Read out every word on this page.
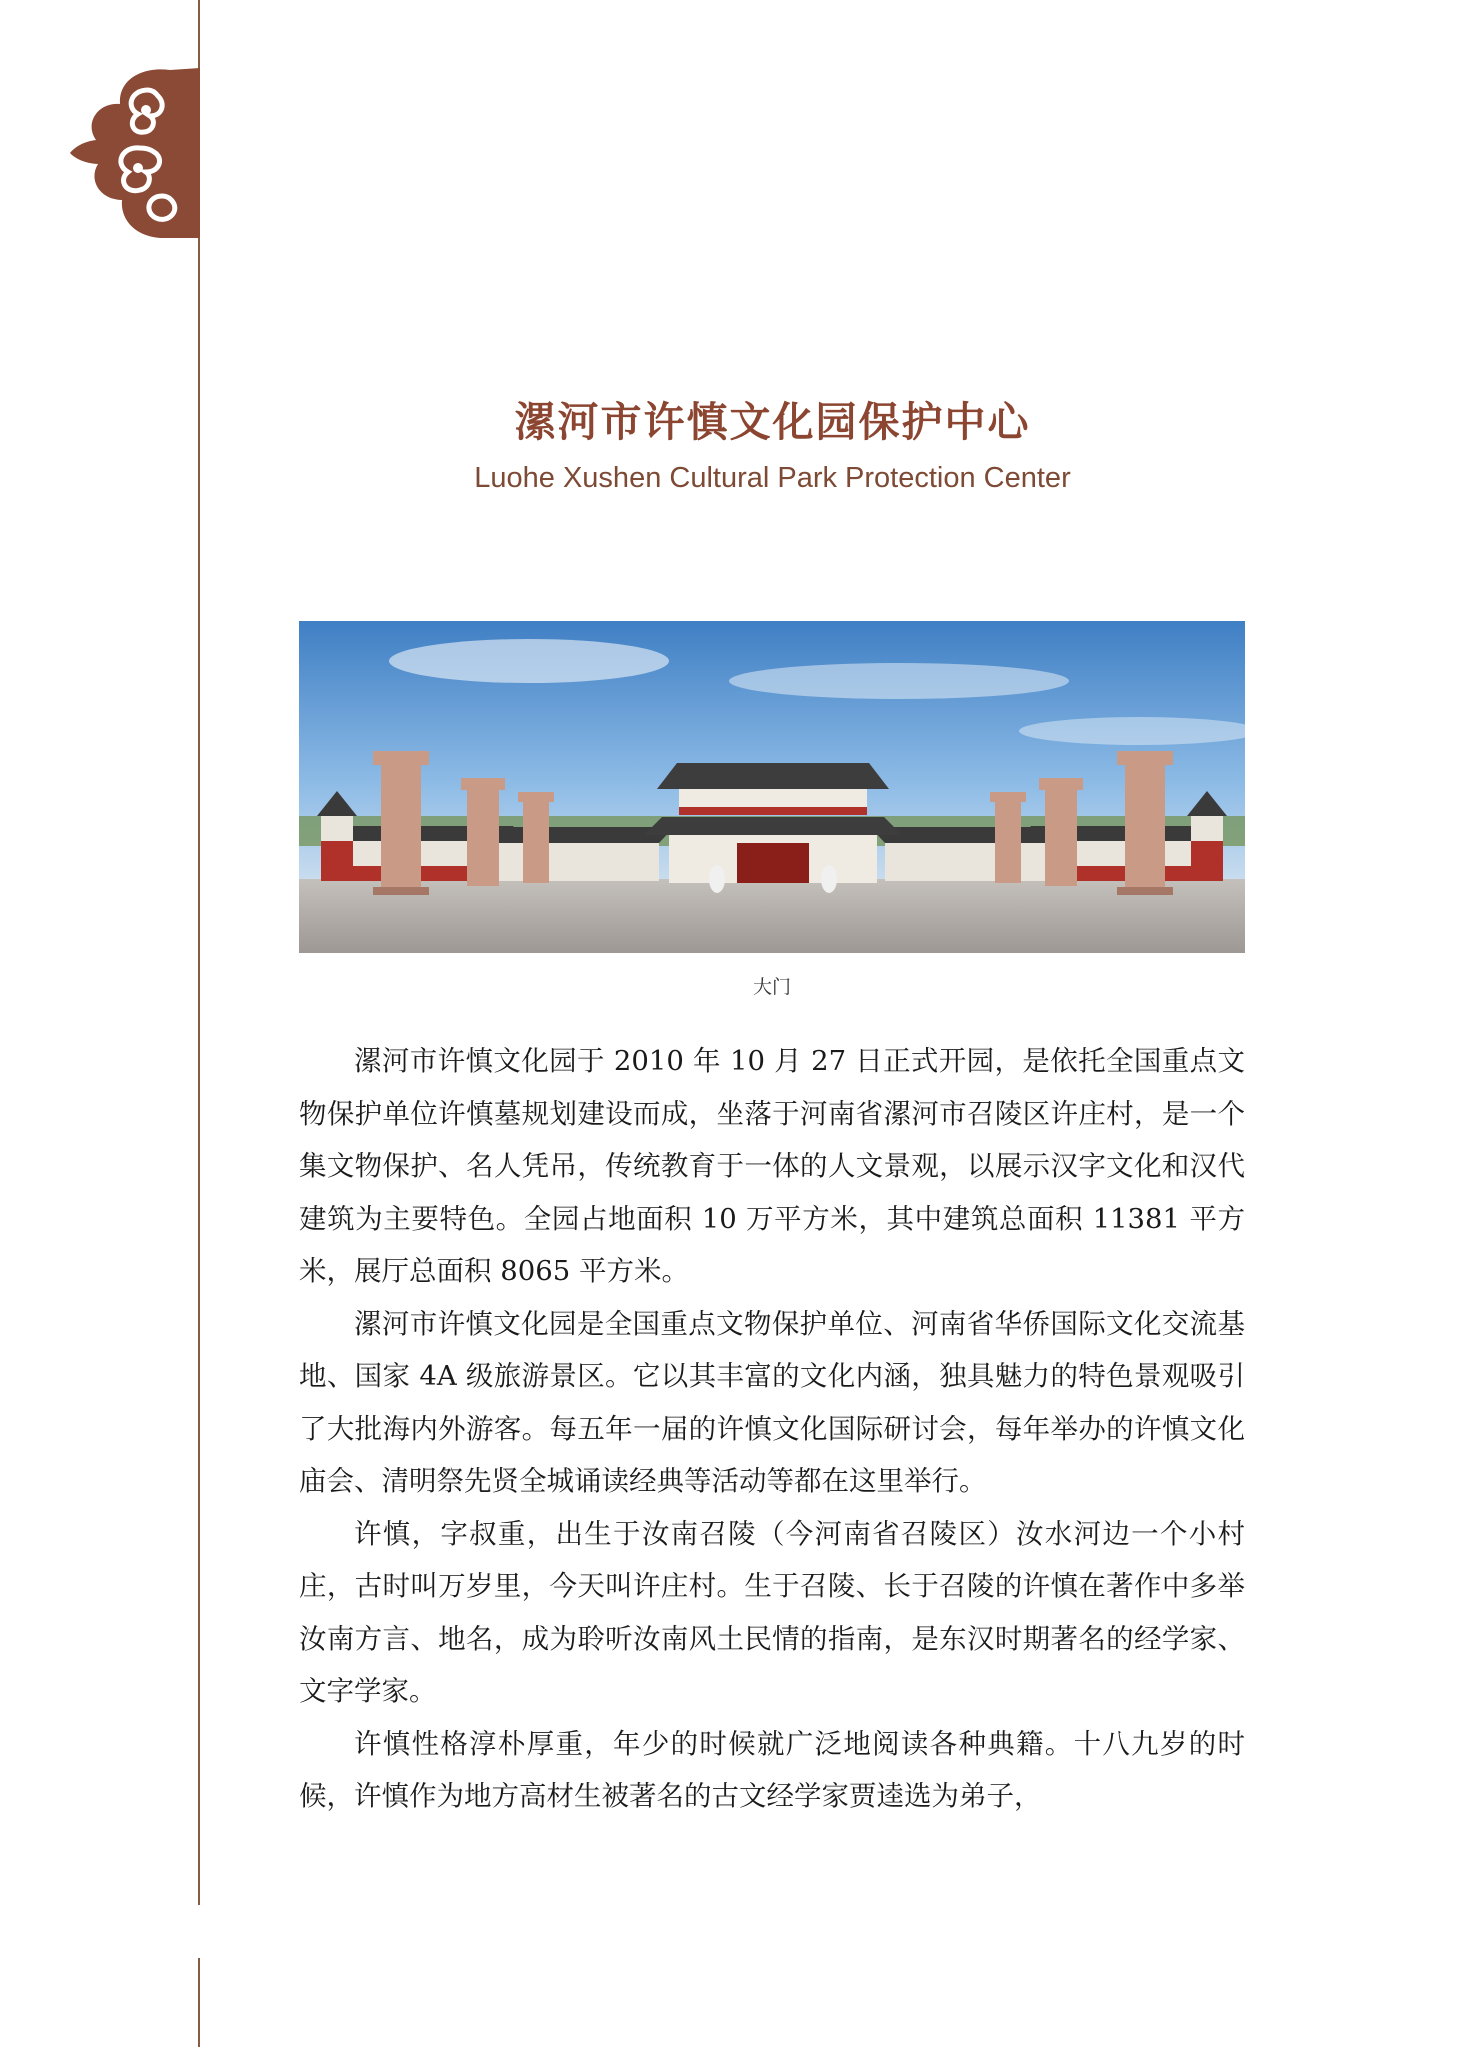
漯河市许慎文化园保护中心
Luohe Xushen Cultural Park Protection Center
大门

漯河市许慎文化园于 2010 年 10 月 27 日正式开园，是依托全国重点文物保护单位许慎墓规划建设而成，坐落于河南省漯河市召陵区许庄村，是一个集文物保护、名人凭吊，传统教育于一体的人文景观，以展示汉字文化和汉代建筑为主要特色。全园占地面积 10 万平方米，其中建筑总面积 11381 平方米，展厅总面积 8065 平方米。

漯河市许慎文化园是全国重点文物保护单位、河南省华侨国际文化交流基地、国家 4A 级旅游景区。它以其丰富的文化内涵，独具魅力的特色景观吸引了大批海内外游客。每五年一届的许慎文化国际研讨会，每年举办的许慎文化庙会、清明祭先贤全城诵读经典等活动等都在这里举行。

许慎，字叔重，出生于汝南召陵（今河南省召陵区）汝水河边一个小村庄，古时叫万岁里，今天叫许庄村。生于召陵、长于召陵的许慎在著作中多举汝南方言、地名，成为聆听汝南风土民情的指南，是东汉时期著名的经学家、文字学家。

许慎性格淳朴厚重，年少的时候就广泛地阅读各种典籍。十八九岁的时候，许慎作为地方高材生被著名的古文经学家贾逵选为弟子，
